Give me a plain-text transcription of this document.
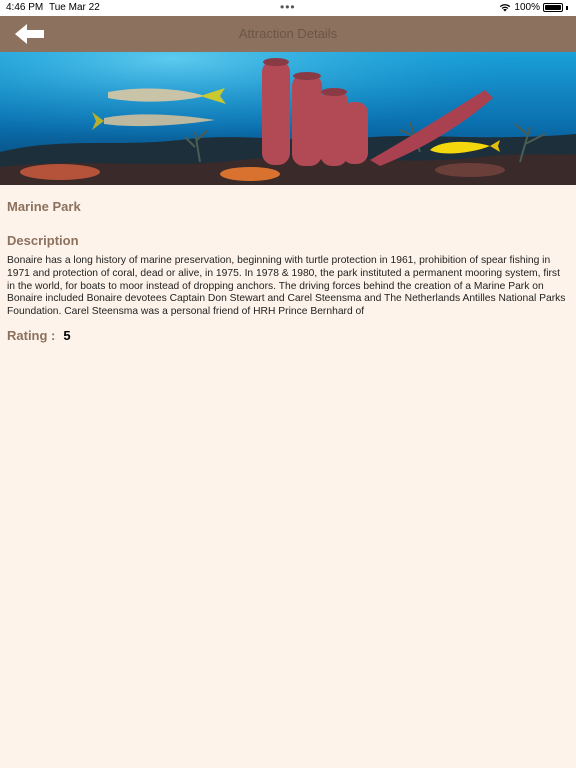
4:46 PM Tue Mar 22	•••	100%
Attraction Details
Marine Park
Description
Bonaire has a long history of marine preservation, beginning with turtle protection in 1961, prohibition of spear fishing in 1971 and protection of coral, dead or alive, in 1975. In 1978 & 1980, the park instituted a permanent mooring system, first in the world, for boats to moor instead of dropping anchors. The driving forces behind the creation of a Marine Park on Bonaire included Bonaire devotees Captain Don Stewart and Carel Steensma and The Netherlands Antilles National Parks Foundation. Carel Steensma was a personal friend of HRH Prince Bernhard of
Rating : 5
